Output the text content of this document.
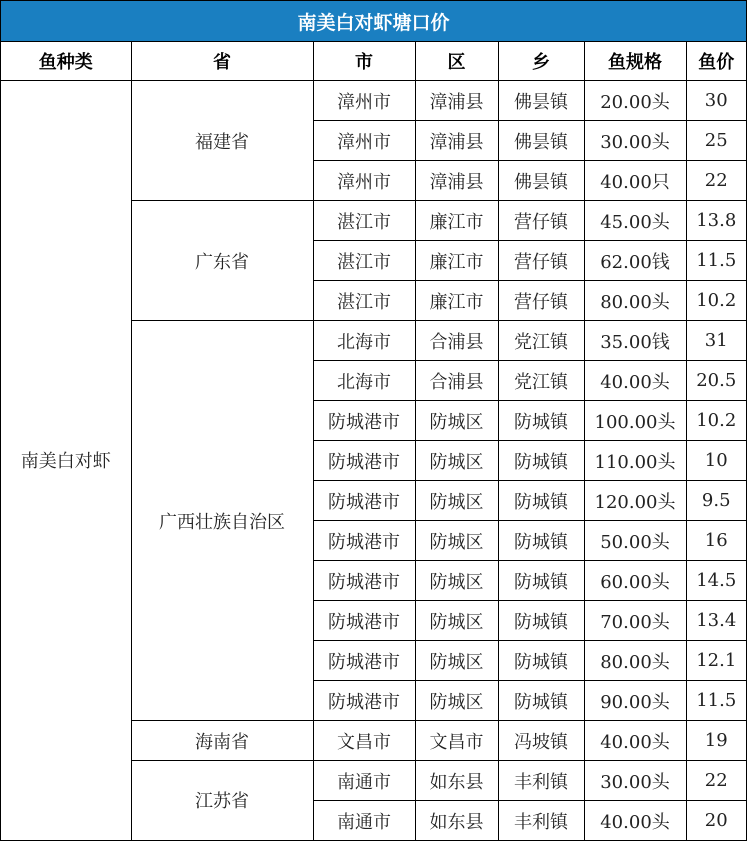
南美白对虾塘口价
鱼种类	省	市	区	乡	鱼规格	鱼价
南美白对虾	福建省	漳州市	漳浦县	佛昙镇	20.00头	30
		漳州市	漳浦县	佛昙镇	30.00头	25
		漳州市	漳浦县	佛昙镇	40.00只	22
	广东省	湛江市	廉江市	营仔镇	45.00头	13.8
		湛江市	廉江市	营仔镇	62.00钱	11.5
		湛江市	廉江市	营仔镇	80.00头	10.2
	广西壮族自治区	北海市	合浦县	党江镇	35.00钱	31
		北海市	合浦县	党江镇	40.00头	20.5
		防城港市	防城区	防城镇	100.00头	10.2
		防城港市	防城区	防城镇	110.00头	10
		防城港市	防城区	防城镇	120.00头	9.5
		防城港市	防城区	防城镇	50.00头	16
		防城港市	防城区	防城镇	60.00头	14.5
		防城港市	防城区	防城镇	70.00头	13.4
		防城港市	防城区	防城镇	80.00头	12.1
		防城港市	防城区	防城镇	90.00头	11.5
	海南省	文昌市	文昌市	冯坡镇	40.00头	19
	江苏省	南通市	如东县	丰利镇	30.00头	22
		南通市	如东县	丰利镇	40.00头	20
